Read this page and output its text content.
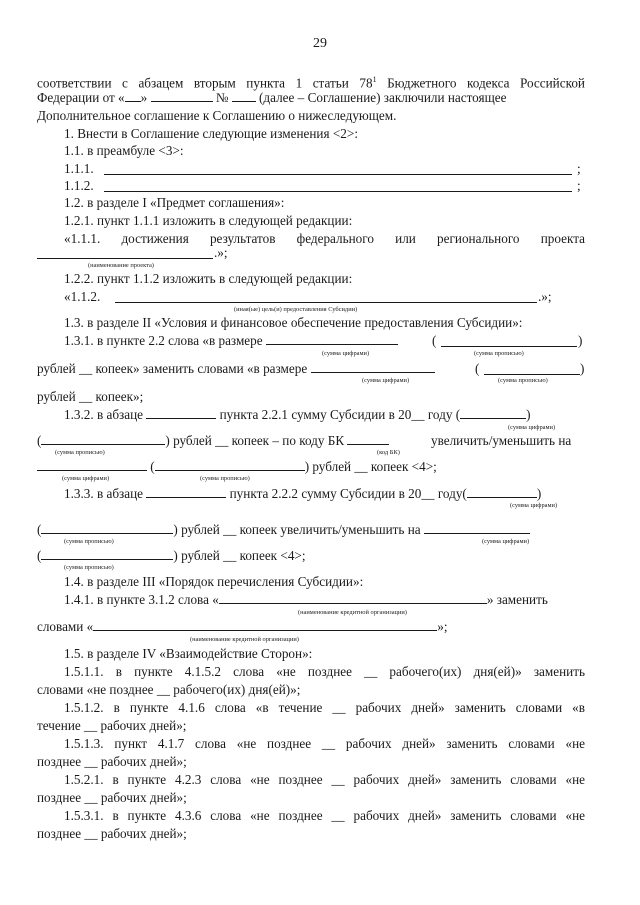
29
соответствии с абзацем вторым пункта 1 статьи $78^1$ Бюджетного кодекса Российской
Федерации от « »	№ (далее – Соглашение) заключили настоящее
Дополнительное соглашение к Соглашению о нижеследующем.
1. Внести в Соглашение следующие изменения <2>:
1.1. в преамбуле <3>:
1.1.1.	;
1.1.2.	;
1.2. в разделе I «Предмет соглашения»:
1.2.1. пункт 1.1.1 изложить в следующей редакции:
«1.1.1. достижения результатов федерального или регионального проекта
.»;
(наименование проекта)
1.2.2. пункт 1.1.2 изложить в следующей редакции:
«1.1.2.	.»;
(иная(ые) цель(и) предоставления Субсидии)
1.3. в разделе II «Условия и финансовое обеспечение предоставления Субсидии»:
1.3.1. в пункте 2.2 слова «в размере	(	)
(сумма цифрами)	(сумма прописью)
рублей __ копеек» заменить словами «в размере	(	)
(сумма цифрами)	(сумма прописью)
рублей __ копеек»;
1.3.2. в абзаце	пункта 2.2.1 сумму Субсидии в 20__ году (	)
(сумма цифрами)
(	) рублей __ копеек – по коду БК	увеличить/уменьшить на
(сумма прописью)	(код БК)
(	) рублей __ копеек <4>;
(сумма цифрами)	(сумма прописью)
1.3.3. в абзаце	пункта 2.2.2 сумму Субсидии в 20__ году(	)
(сумма цифрами)
(	) рублей __ копеек увеличить/уменьшить на
(сумма прописью)	(сумма цифрами)
(	) рублей __ копеек <4>;
(сумма прописью)
1.4. в разделе III «Порядок перечисления Субсидии»:
1.4.1. в пункте 3.1.2 слова «	» заменить
(наименование кредитной организации)
словами «	»;
(наименование кредитной организации)
1.5. в разделе IV «Взаимодействие Сторон»:
1.5.1.1. в пункте 4.1.5.2 слова «не позднее __ рабочего(их) дня(ей)» заменить
словами «не позднее __ рабочего(их) дня(ей)»;
1.5.1.2. в пункте 4.1.6 слова «в течение __ рабочих дней» заменить словами «в
течение __ рабочих дней»;
1.5.1.3. пункт 4.1.7 слова «не позднее __ рабочих дней» заменить словами «не
позднее __ рабочих дней»;
1.5.2.1. в пункте 4.2.3 слова «не позднее __ рабочих дней» заменить словами «не
позднее __ рабочих дней»;
1.5.3.1. в пункте 4.3.6 слова «не позднее __ рабочих дней» заменить словами «не
позднее __ рабочих дней»;
